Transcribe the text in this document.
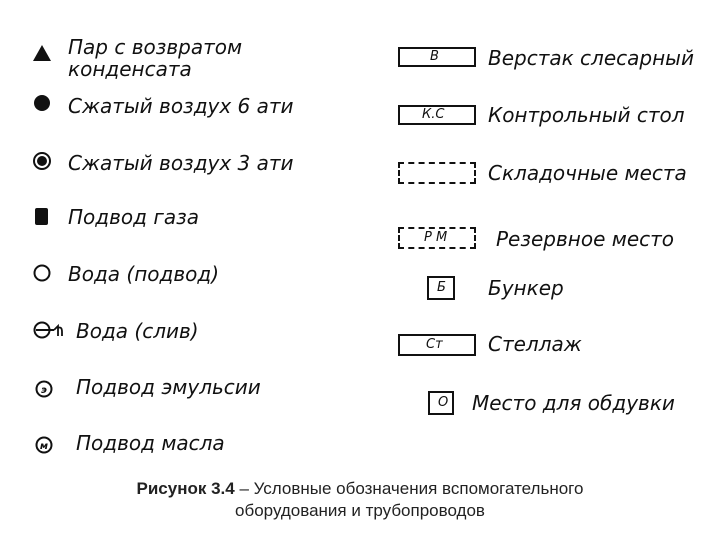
Пар с возвратом
конденсата
Сжатый воздух 6 ати
Сжатый воздух 3 ати
Подвод газа
Вода (подвод)
Вода (слив)
э Подвод эмульсии
м Подвод масла
В Верстак слесарный
К.С Контрольный стол
Складочные места
Р М Резервное место
Б Бункер
Ст Стеллаж
О Место для обдувки
Рисунок 3.4 – Условные обозначения вспомогательного
оборудования и трубопроводов
